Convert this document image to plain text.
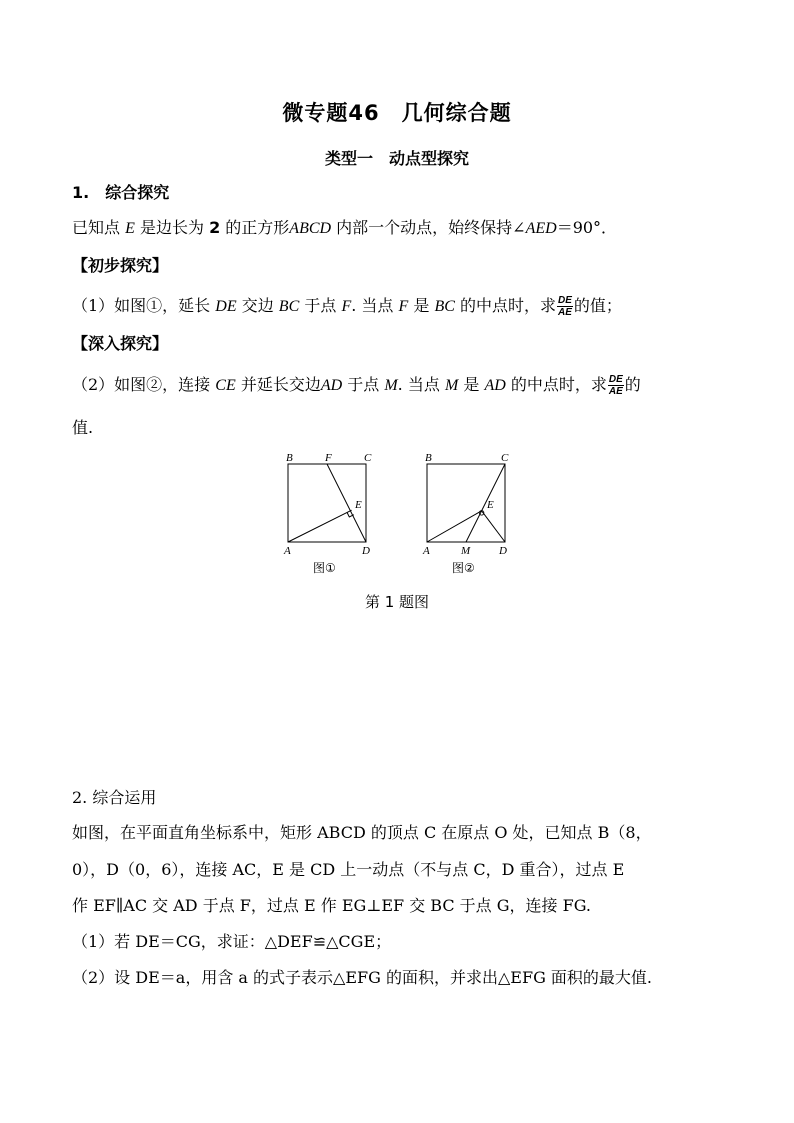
微专题46　几何综合题
类型一　动点型探究
1.　综合探究
已知点 E 是边长为 2 的正方形ABCD 内部一个动点，始终保持∠AED＝90°．
【初步探究】
（1）如图①，延长 DE 交边 BC 于点 F. 当点 F 是 BC 的中点时，求 $\frac{DE}{AE}$ 的值；
【深入探究】
（2）如图②，连接 CE 并延长交边AD 于点 M. 当点 M 是 AD 的中点时，求 $\frac{DE}{AE}$ 的
值.
B	F	C
E
A	D
图①
B	C
E
A	M	D
图②
第 1 题图
2. 综合运用
如图，在平面直角坐标系中，矩形 ABCD 的顶点 C 在原点 O 处，已知点 B（8，
0），D（0，6），连接 AC，E 是 CD 上一动点（不与点 C，D 重合），过点 E
作 EF∥AC 交 AD 于点 F，过点 E 作 EG⊥EF 交 BC 于点 G，连接 FG.
（1）若 DE＝CG，求证：△DEF≌△CGE；
（2）设 DE＝a，用含 a 的式子表示△EFG 的面积，并求出△EFG 面积的最大值.
